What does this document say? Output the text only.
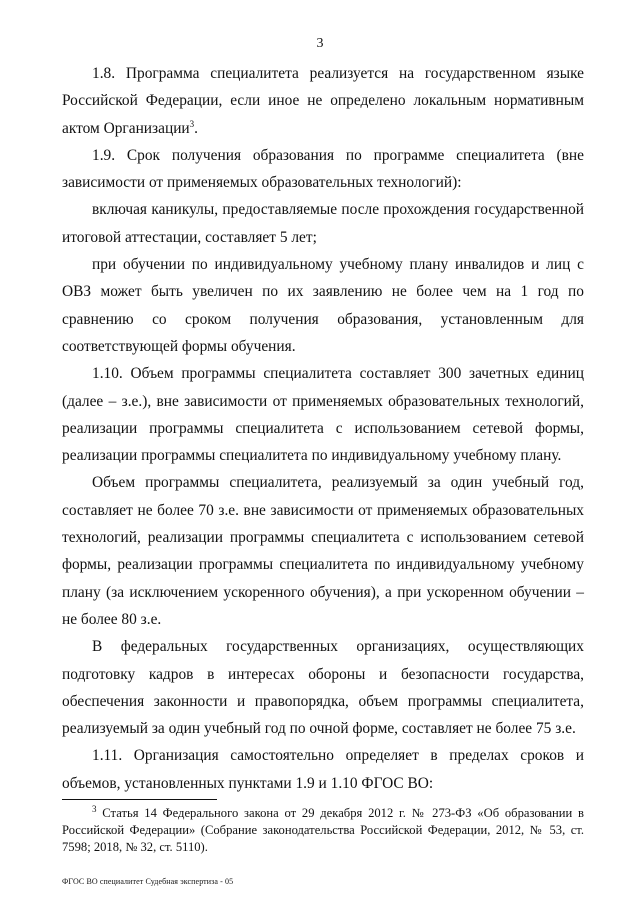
3

1.8. Программа специалитета реализуется на государственном языке Российской Федерации, если иное не определено локальным нормативным актом Организации$^3$.

1.9. Срок получения образования по программе специалитета (вне зависимости от применяемых образовательных технологий):

включая каникулы, предоставляемые после прохождения государственной итоговой аттестации, составляет 5 лет;

при обучении по индивидуальному учебному плану инвалидов и лиц с ОВЗ может быть увеличен по их заявлению не более чем на 1 год по сравнению со сроком получения образования, установленным для соответствующей формы обучения.

1.10. Объем программы специалитета составляет 300 зачетных единиц (далее – з.е.), вне зависимости от применяемых образовательных технологий, реализации программы специалитета с использованием сетевой формы, реализации программы специалитета по индивидуальному учебному плану.

Объем программы специалитета, реализуемый за один учебный год, составляет не более 70 з.е. вне зависимости от применяемых образовательных технологий, реализации программы специалитета с использованием сетевой формы, реализации программы специалитета по индивидуальному учебному плану (за исключением ускоренного обучения), а при ускоренном обучении – не более 80 з.е.

В федеральных государственных организациях, осуществляющих подготовку кадров в интересах обороны и безопасности государства, обеспечения законности и правопорядка, объем программы специалитета, реализуемый за один учебный год по очной форме, составляет не более 75 з.е.

1.11. Организация самостоятельно определяет в пределах сроков и объемов, установленных пунктами 1.9 и 1.10 ФГОС ВО:

$^3$ Статья 14 Федерального закона от 29 декабря 2012 г. № 273-ФЗ «Об образовании в Российской Федерации» (Собрание законодательства Российской Федерации, 2012, № 53, ст. 7598; 2018, № 32, ст. 5110).
ФГОС ВО специалитет Судебная экспертиза - 05
